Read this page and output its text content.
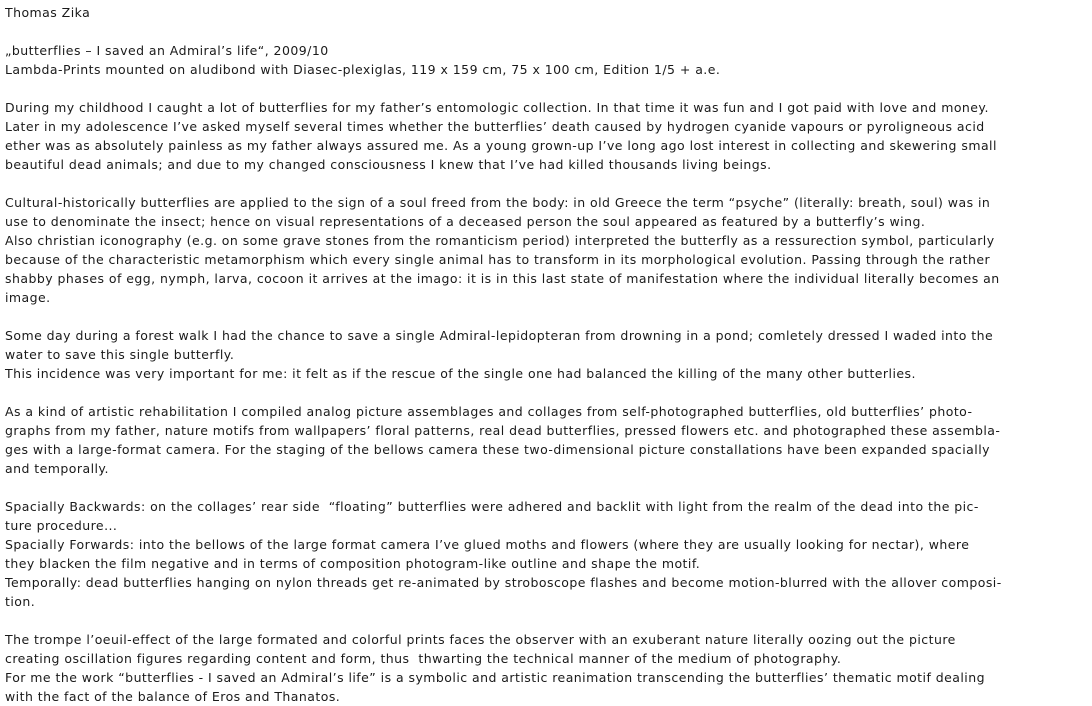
Thomas Zika
„butterflies – I saved an Admiral’s life“, 2009/10
Lambda-Prints mounted on aludibond with Diasec-plexiglas, 119 x 159 cm, 75 x 100 cm, Edition 1/5 + a.e.
During my childhood I caught a lot of butterflies for my father’s entomologic collection. In that time it was fun and I got paid with love and money.
Later in my adolescence I’ve asked myself several times whether the butterflies’ death caused by hydrogen cyanide vapours or pyroligneous acid
ether was as absolutely painless as my father always assured me. As a young grown-up I’ve long ago lost interest in collecting and skewering small
beautiful dead animals; and due to my changed consciousness I knew that I’ve had killed thousands living beings.
Cultural-historically butterflies are applied to the sign of a soul freed from the body: in old Greece the term “psyche” (literally: breath, soul) was in
use to denominate the insect; hence on visual representations of a deceased person the soul appeared as featured by a butterfly’s wing.
Also christian iconography (e.g. on some grave stones from the romanticism period) interpreted the butterfly as a ressurection symbol, particularly
because of the characteristic metamorphism which every single animal has to transform in its morphological evolution. Passing through the rather
shabby phases of egg, nymph, larva, cocoon it arrives at the imago: it is in this last state of manifestation where the individual literally becomes an
image.
Some day during a forest walk I had the chance to save a single Admiral-lepidopteran from drowning in a pond; comletely dressed I waded into the
water to save this single butterfly.
This incidence was very important for me: it felt as if the rescue of the single one had balanced the killing of the many other butterlies.
As a kind of artistic rehabilitation I compiled analog picture assemblages and collages from self-photographed butterflies, old butterflies’ photo-
graphs from my father, nature motifs from wallpapers’ floral patterns, real dead butterflies, pressed flowers etc. and photographed these assembla-
ges with a large-format camera. For the staging of the bellows camera these two-dimensional picture constallations have been expanded spacially
and temporally.
Spacially Backwards: on the collages’ rear side  “floating” butterflies were adhered and backlit with light from the realm of the dead into the pic-
ture procedure...
Spacially Forwards: into the bellows of the large format camera I’ve glued moths and flowers (where they are usually looking for nectar), where
they blacken the film negative and in terms of composition photogram-like outline and shape the motif.
Temporally: dead butterflies hanging on nylon threads get re-animated by stroboscope flashes and become motion-blurred with the allover composi-
tion.
The trompe l’oeuil-effect of the large formated and colorful prints faces the observer with an exuberant nature literally oozing out the picture
creating oscillation figures regarding content and form, thus  thwarting the technical manner of the medium of photography.
For me the work “butterflies - I saved an Admiral’s life” is a symbolic and artistic reanimation transcending the butterflies’ thematic motif dealing
with the fact of the balance of Eros and Thanatos.
